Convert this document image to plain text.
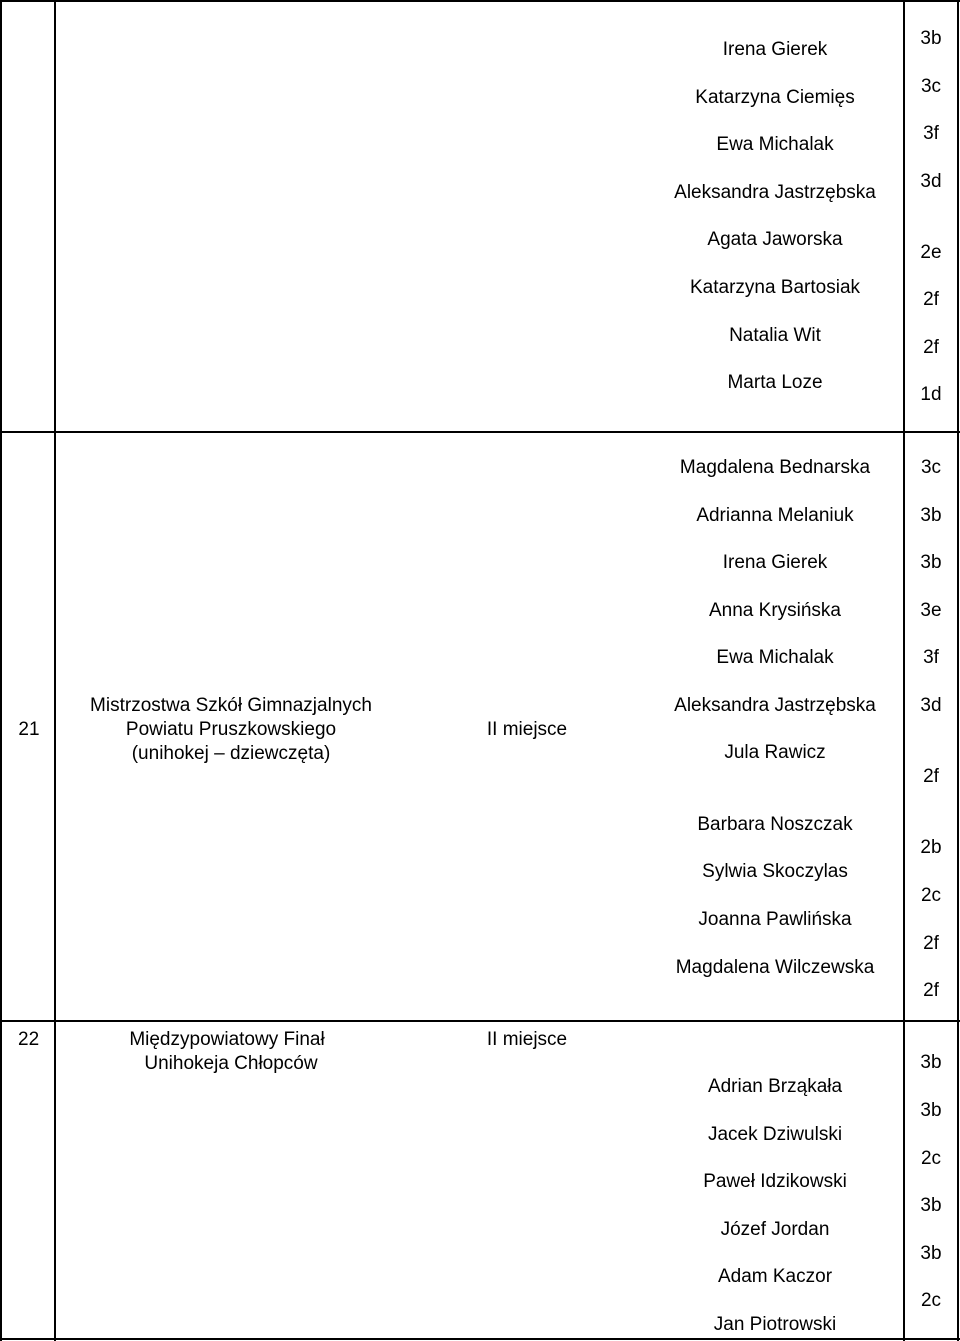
Irena Gierek
Katarzyna Ciemięs
Ewa Michalak
Aleksandra Jastrzębska
Agata Jaworska
Katarzyna Bartosiak
Natalia Wit
Marta Loze
3b
3c
3f
3d
2e
2f
2f
1d
21
Mistrzostwa Szkół Gimnazjalnych
Powiatu Pruszkowskiego
(unihokej – dziewczęta)
II miejsce
Magdalena Bednarska
Adrianna Melaniuk
Irena Gierek
Anna Krysińska
Ewa Michalak
Aleksandra Jastrzębska
Jula Rawicz
Barbara Noszczak
Sylwia Skoczylas
Joanna Pawlińska
Magdalena Wilczewska
3c
3b
3b
3e
3f
3d
2f
2b
2c
2f
2f
22	Międzypowiatowy Finał
Unihokeja Chłopców
II miejsce
Adrian Brząkała
Jacek Dziwulski
Paweł Idzikowski
Józef Jordan
Adam Kaczor
Jan Piotrowski
3b
3b
2c
3b
3b
2c
